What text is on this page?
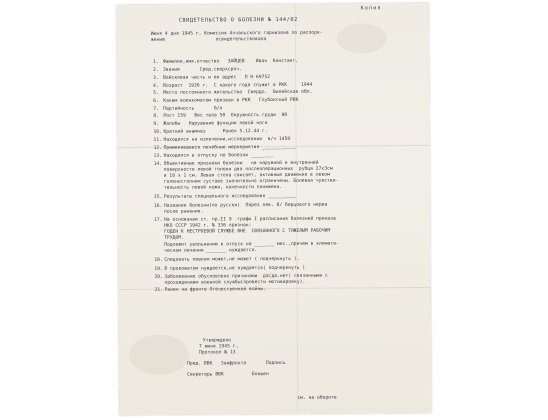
Копия
СВИДЕТЕЛЬСТВО О БОЛЕЗНИ № 144/02
Июня 4 дня 1945 г. Комиссия Аччальского гарнизона по распоря-
жению                  освидетельствовала
1. Фамилия,имя,отчество   ЗАЙЦЕВ    Иван  Констант.
2. Звание       Сред.сверхсроч.
3. Войсковая часть и ее адрес   П Н 69752
4. Возраст  1926 г.  С какого года служит в РКК     1944
5. Место постоянного жительства  Свердл.  Вилейская обл.
6. Каким военкоматом призван в РКК   Глубокский РВК
7. Партийность       б/п
8. Рост 159   Вес тела 50  Окружность груди  80
9. Жалобы   Нарушение функции левой ноги
10. Краткий анамнез      Ранен 5.12.44 г.
11. Находился на излечении,исследовании  в/ч 1458
12. Применявшиеся лечебные мероприятия ____________
13. Находился в отпуску по болезни ________
14. Объективные признаки болезни   на наружной и внутренней
поверхности левой голени два послеоперационных  рубца 27х3см
и 18 х 1 см. Левая стопа свисает, активные движения в левом
голеностопном суставе значительно ограничены. Болевая чувстви-
тельность левой кожи, конечности понижена.
15. Результаты специального исследования __________
16. Название болезни(по русски)  Парез лев. б/ берцового нерва
после ранения.
17. На основании ст. пр.II 9  графы I расписания болезней приказа
НКО СССР 1942 г. № 336 признан:
ГОДЕН К НЕСТРОЕВОЙ СЛУЖБЕ ВНЕ  СВЯЗАННОГО С ТЯЖЕЛЫМ РАБОЧИМ
ТРУДОМ.
Подлежит увольнению в отпуск на _______ мес.,причем в климати-
ческом лечении _______ нуждается.
18. Следовать пешком может,не может ( подчеркнуть ).
19. В провожатом нуждается,не нуждается( подчеркнуть )
20. Заболевание обусловлено причинами  да(да.нет) связанными с
прохождением военной службы(провести мотивировку).
21. Ранен на фронте Отечественной войны.
Утверждено
7 июня 1945 г.
Протокол № 13
Пред. ВВК   Заифрохта       Подпись
Секретарь ВВК          Бокшен
см. на обороте
